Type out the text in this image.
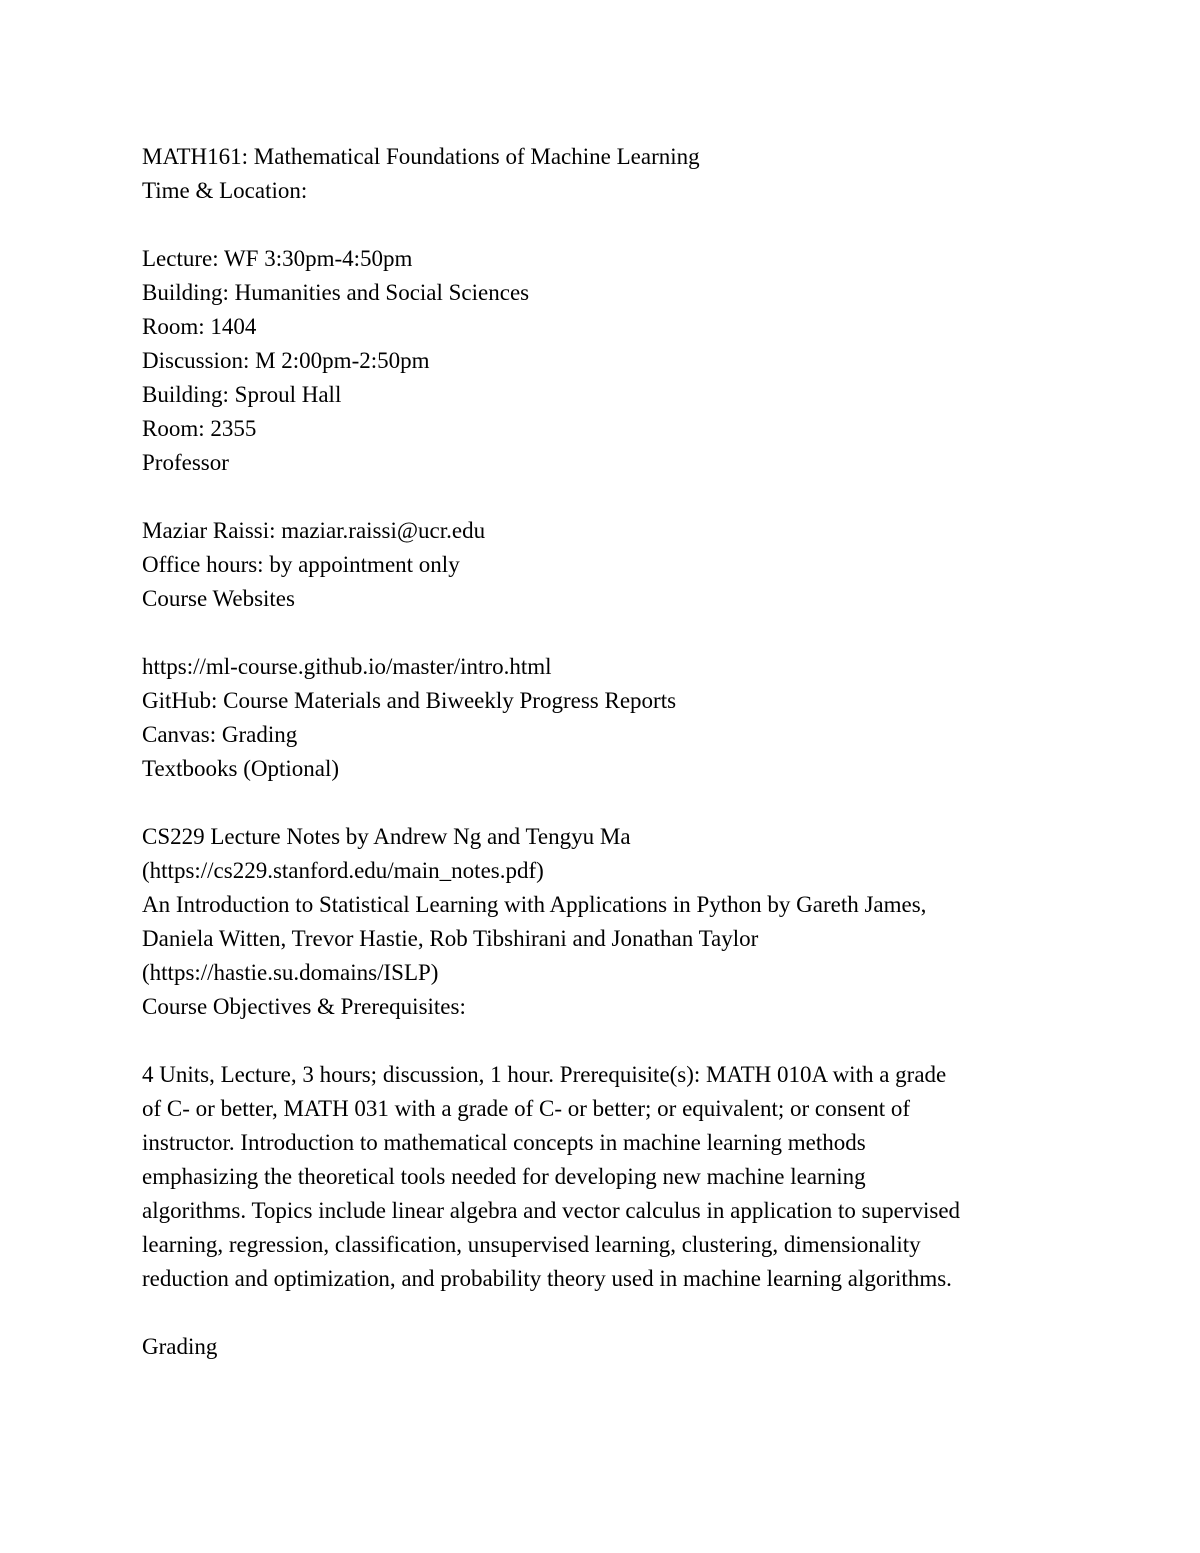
MATH161: Mathematical Foundations of Machine Learning
Time & Location:
Lecture: WF 3:30pm-4:50pm
Building: Humanities and Social Sciences
Room: 1404
Discussion: M 2:00pm-2:50pm
Building: Sproul Hall
Room: 2355
Professor
Maziar Raissi: maziar.raissi@ucr.edu
Office hours: by appointment only
Course Websites
https://ml-course.github.io/master/intro.html
GitHub: Course Materials and Biweekly Progress Reports
Canvas: Grading
Textbooks (Optional)
CS229 Lecture Notes by Andrew Ng and Tengyu Ma
(https://cs229.stanford.edu/main_notes.pdf)
An Introduction to Statistical Learning with Applications in Python by Gareth James,
Daniela Witten, Trevor Hastie, Rob Tibshirani and Jonathan Taylor
(https://hastie.su.domains/ISLP)
Course Objectives & Prerequisites:
4 Units, Lecture, 3 hours; discussion, 1 hour. Prerequisite(s): MATH 010A with a grade
of C- or better, MATH 031 with a grade of C- or better; or equivalent; or consent of
instructor. Introduction to mathematical concepts in machine learning methods
emphasizing the theoretical tools needed for developing new machine learning
algorithms. Topics include linear algebra and vector calculus in application to supervised
learning, regression, classification, unsupervised learning, clustering, dimensionality
reduction and optimization, and probability theory used in machine learning algorithms.
Grading
